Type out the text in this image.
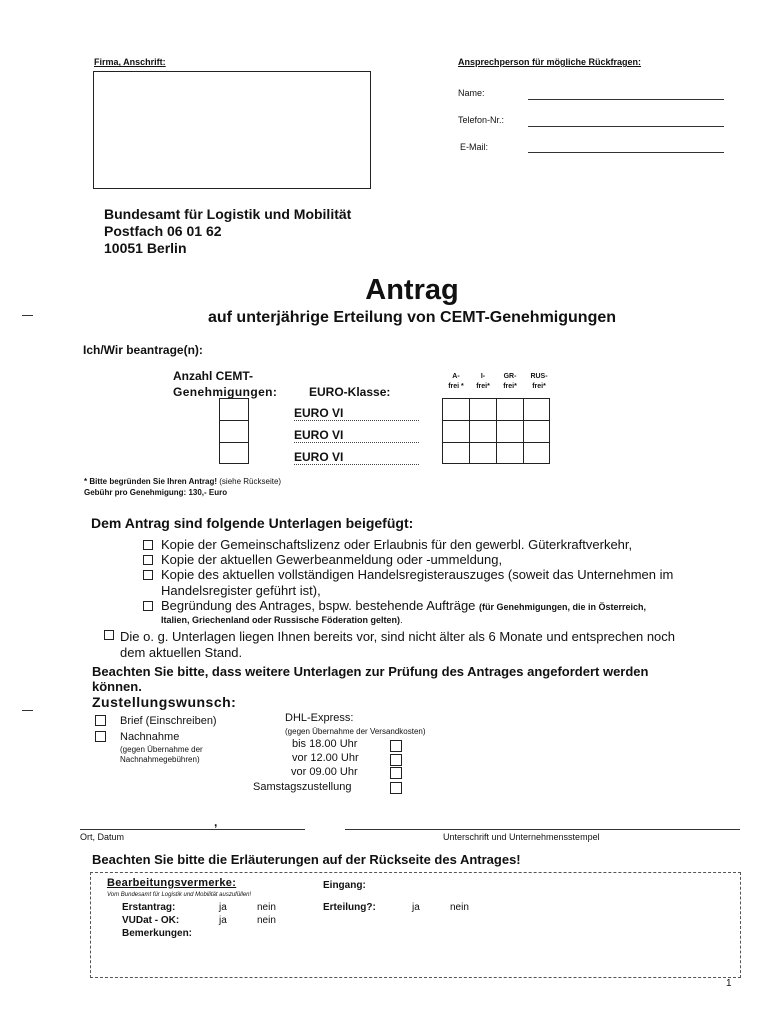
Firma, Anschrift:	Ansprechperson für mögliche Rückfragen:
Name:
Telefon-Nr.:
E-Mail:
Bundesamt für Logistik und Mobilität
Postfach 06 01 62
10051 Berlin
Antrag
auf unterjährige Erteilung von CEMT-Genehmigungen
Ich/Wir beantrage(n):
Anzahl CEMT-
Genehmigungen:	EURO-Klasse:
EURO VI
EURO VI
EURO VI
A-
frei *
I-
frei*
GR-
frei*
RUS-
frei*
* Bitte begründen Sie Ihren Antrag! (siehe Rückseite)
Gebühr pro Genehmigung: 130,- Euro
Dem Antrag sind folgende Unterlagen beigefügt:
Kopie der Gemeinschaftslizenz oder Erlaubnis für den gewerbl. Güterkraftverkehr,
Kopie der aktuellen Gewerbeanmeldung oder -ummeldung,
Kopie des aktuellen vollständigen Handelsregisterauszuges (soweit das Unternehmen im
Handelsregister geführt ist),
Begründung des Antrages, bspw. bestehende Aufträge (für Genehmigungen, die in Österreich,
Italien, Griechenland oder Russische Föderation gelten).
Die o. g. Unterlagen liegen Ihnen bereits vor, sind nicht älter als 6 Monate und entsprechen noch
dem aktuellen Stand.
Beachten Sie bitte, dass weitere Unterlagen zur Prüfung des Antrages angefordert werden
können.
Zustellungswunsch:
Brief (Einschreiben)
Nachnahme
(gegen Übernahme der
Nachnahmegebühren)
DHL-Express:
(gegen Übernahme der Versandkosten)
bis 18.00 Uhr
vor 12.00 Uhr
vor 09.00 Uhr
Samstagszustellung
,
Ort, Datum	Unterschrift und Unternehmensstempel
Beachten Sie bitte die Erläuterungen auf der Rückseite des Antrages!
Bearbeitungsvermerke:
Vom Bundesamt für Logistik und Mobilität auszufüllen!
Erstantrag:	ja	nein
VUDat - OK:	ja	nein
Bemerkungen:
Eingang:
Erteilung?:	ja	nein
1
